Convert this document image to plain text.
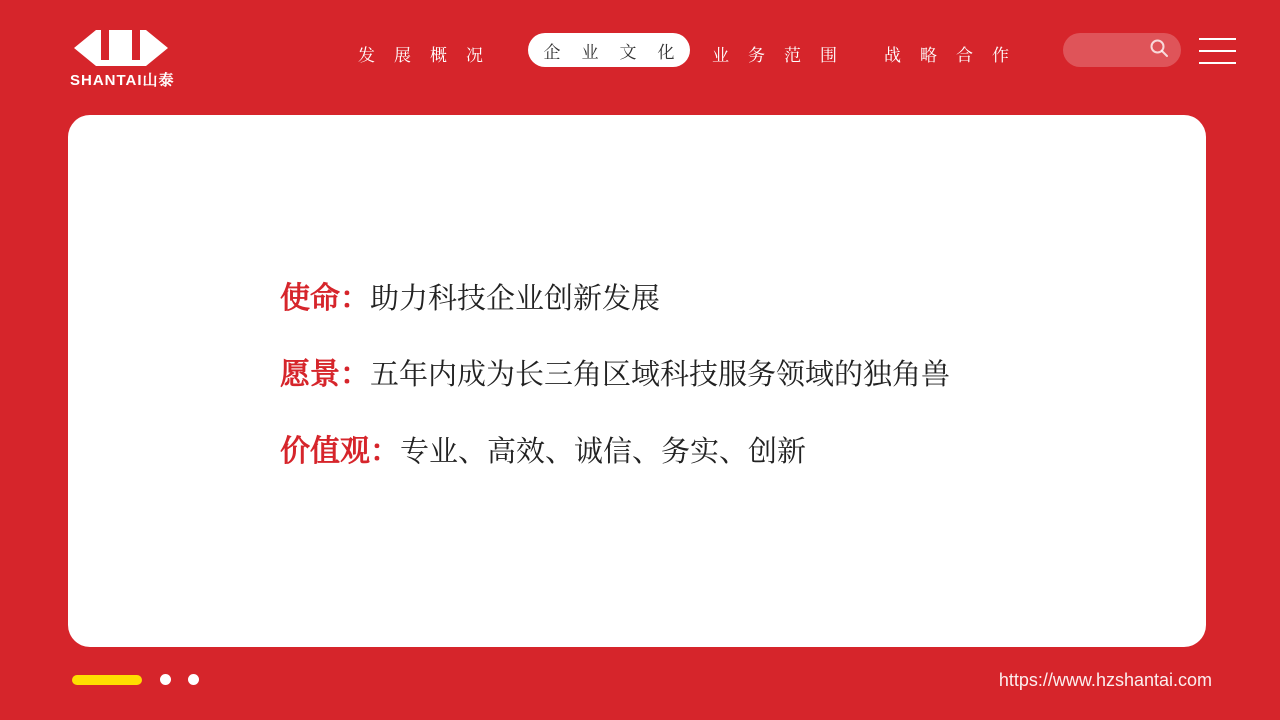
SHANTAI山泰
发展概况 企业文化 业务范围 战略合作
使命：助力科技企业创新发展
愿景：五年内成为长三角区域科技服务领域的独角兽
价值观：专业、高效、诚信、务实、创新
https://www.hzshantai.com
